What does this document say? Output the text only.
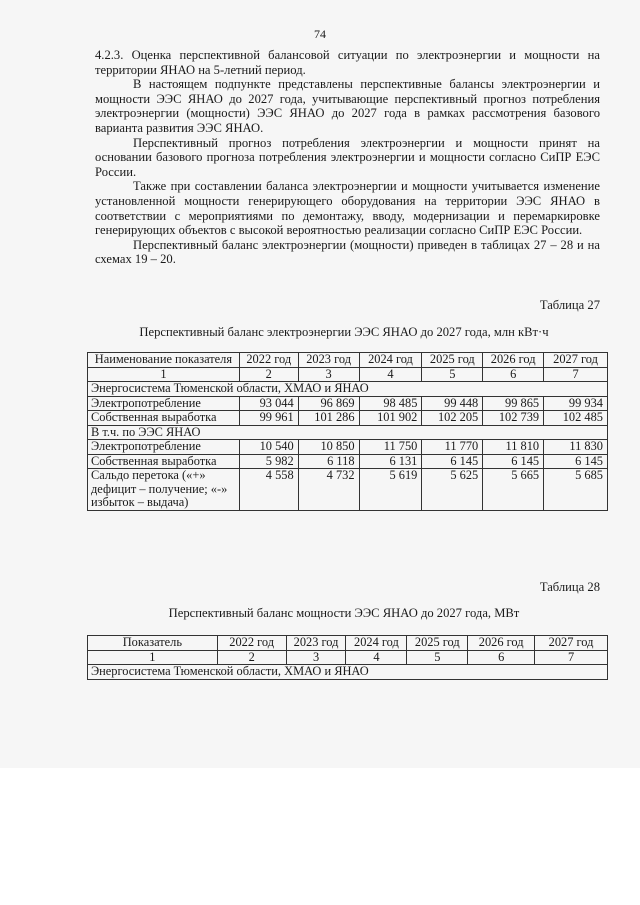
74

4.2.3. Оценка перспективной балансовой ситуации по электроэнергии и мощности на территории ЯНАО на 5-летний период.

В настоящем подпункте представлены перспективные балансы электроэнергии и мощности ЭЭС ЯНАО до 2027 года, учитывающие перспективный прогноз потребления электроэнергии (мощности) ЭЭС ЯНАО до 2027 года в рамках рассмотрения базового варианта развития ЭЭС ЯНАО.

Перспективный прогноз потребления электроэнергии и мощности принят на основании базового прогноза потребления электроэнергии и мощности согласно СиПР ЕЭС России.

Также при составлении баланса электроэнергии и мощности учитывается изменение установленной мощности генерирующего оборудования на территории ЭЭС ЯНАО в соответствии с мероприятиями по демонтажу, вводу, модернизации и перемаркировке генерирующих объектов с высокой вероятностью реализации согласно СиПР ЕЭС России.

Перспективный баланс электроэнергии (мощности) приведен в таблицах 27 – 28 и на схемах 19 – 20.

Таблица 27
Перспективный баланс электроэнергии ЭЭС ЯНАО до 2027 года, млн кВт·ч
Наименование показателя	2022 год	2023 год	2024 год	2025 год	2026 год	2027 год
1	2	3	4	5	6	7
Энергосистема Тюменской области, ХМАО и ЯНАО						
Электропотребление	93 044	96 869	98 485	99 448	99 865	99 934
Собственная выработка	99 961	101 286	101 902	102 205	102 739	102 485
В т.ч. по ЭЭС ЯНАО						
Электропотребление	10 540	10 850	11 750	11 770	11 810	11 830
Собственная выработка	5 982	6 118	6 131	6 145	6 145	6 145
Сальдо перетока («+» дефицит – получение; «-» избыток – выдача)	4 558	4 732	5 619	5 625	5 665	5 685
Таблица 28
Перспективный баланс мощности ЭЭС ЯНАО до 2027 года, МВт
Показатель	2022 год	2023 год	2024 год	2025 год	2026 год	2027 год
1	2	3	4	5	6	7
Энергосистема Тюменской области, ХМАО и ЯНАО						
